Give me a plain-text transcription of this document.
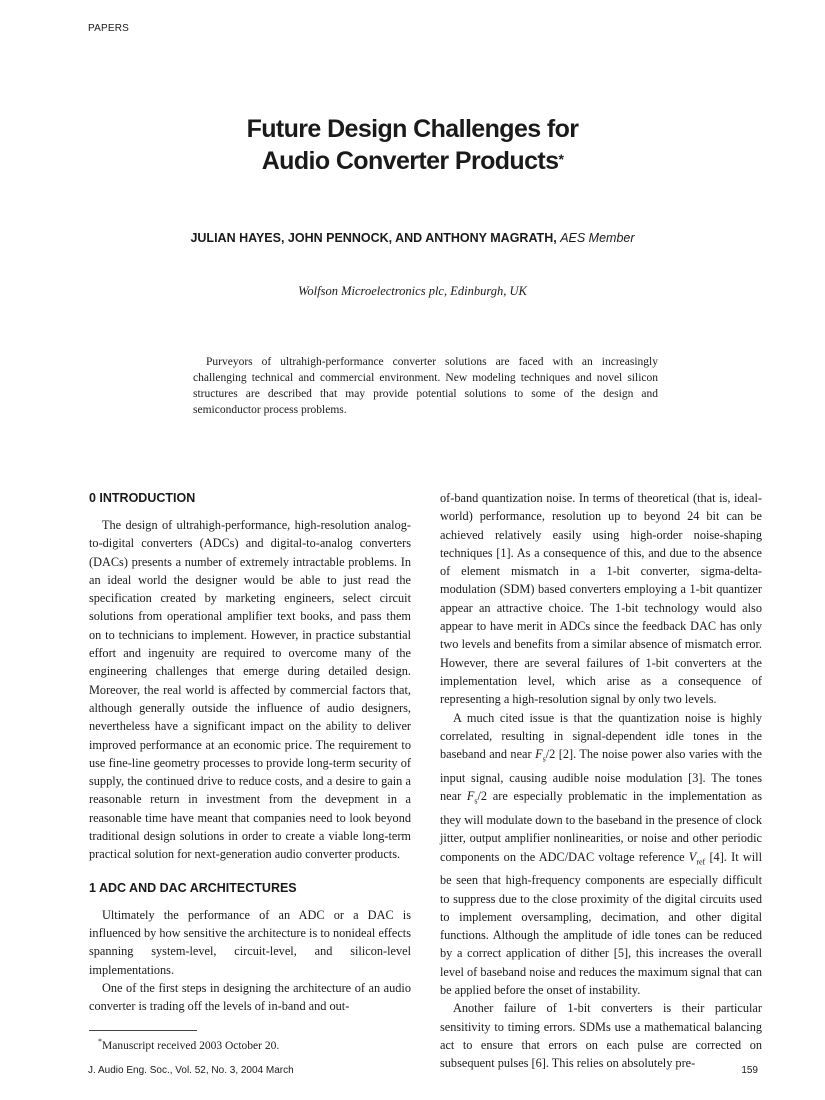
PAPERS
Future Design Challenges for
Audio Converter Products*
JULIAN HAYES, JOHN PENNOCK, AND ANTHONY MAGRATH, AES Member
Wolfson Microelectronics plc, Edinburgh, UK

Purveyors of ultrahigh-performance converter solutions are faced with an increasingly challenging technical and commercial environment. New modeling techniques and novel silicon structures are described that may provide potential solutions to some of the design and semiconductor process problems.

0 INTRODUCTION

The design of ultrahigh-performance, high-resolution analog-to-digital converters (ADCs) and digital-to-analog converters (DACs) presents a number of extremely intractable problems. In an ideal world the designer would be able to just read the specification created by marketing engineers, select circuit solutions from operational amplifier text books, and pass them on to technicians to implement. However, in practice substantial effort and ingenuity are required to overcome many of the engineering challenges that emerge during detailed design. Moreover, the real world is affected by commercial factors that, although generally outside the influence of audio designers, nevertheless have a significant impact on the ability to deliver improved performance at an economic price. The requirement to use fine-line geometry processes to provide long-term security of supply, the continued drive to reduce costs, and a desire to gain a reasonable return in investment from the devepment in a reasonable time have meant that companies need to look beyond traditional design solutions in order to create a viable long-term practical solution for next-generation audio converter products.

1 ADC AND DAC ARCHITECTURES

Ultimately the performance of an ADC or a DAC is influenced by how sensitive the architecture is to nonideal effects spanning system-level, circuit-level, and silicon-level implementations.

One of the first steps in designing the architecture of an audio converter is trading off the levels of in-band and out-

of-band quantization noise. In terms of theoretical (that is, ideal-world) performance, resolution up to beyond 24 bit can be achieved relatively easily using high-order noise-shaping techniques [1]. As a consequence of this, and due to the absence of element mismatch in a 1-bit converter, sigma-delta-modulation (SDM) based converters employing a 1-bit quantizer appear an attractive choice. The 1-bit technology would also appear to have merit in ADCs since the feedback DAC has only two levels and benefits from a similar absence of mismatch error. However, there are several failures of 1-bit converters at the implementation level, which arise as a consequence of representing a high-resolution signal by only two levels.

A much cited issue is that the quantization noise is highly correlated, resulting in signal-dependent idle tones in the baseband and near $F_s/2$ [2]. The noise power also varies with the input signal, causing audible noise modulation [3]. The tones near $F_s/2$ are especially problematic in the implementation as they will modulate down to the baseband in the presence of clock jitter, output amplifier nonlinearities, or noise and other periodic components on the ADC/DAC voltage reference $V_{ref}$ [4]. It will be seen that high-frequency components are especially difficult to suppress due to the close proximity of the digital circuits used to implement oversampling, decimation, and other digital functions. Although the amplitude of idle tones can be reduced by a correct application of dither [5], this increases the overall level of baseband noise and reduces the maximum signal that can be applied before the onset of instability.

Another failure of 1-bit converters is their particular sensitivity to timing errors. SDMs use a mathematical balancing act to ensure that errors on each pulse are corrected on subsequent pulses [6]. This relies on absolutely pre-

*Manuscript received 2003 October 20.
J. Audio Eng. Soc., Vol. 52, No. 3, 2004 March	159
